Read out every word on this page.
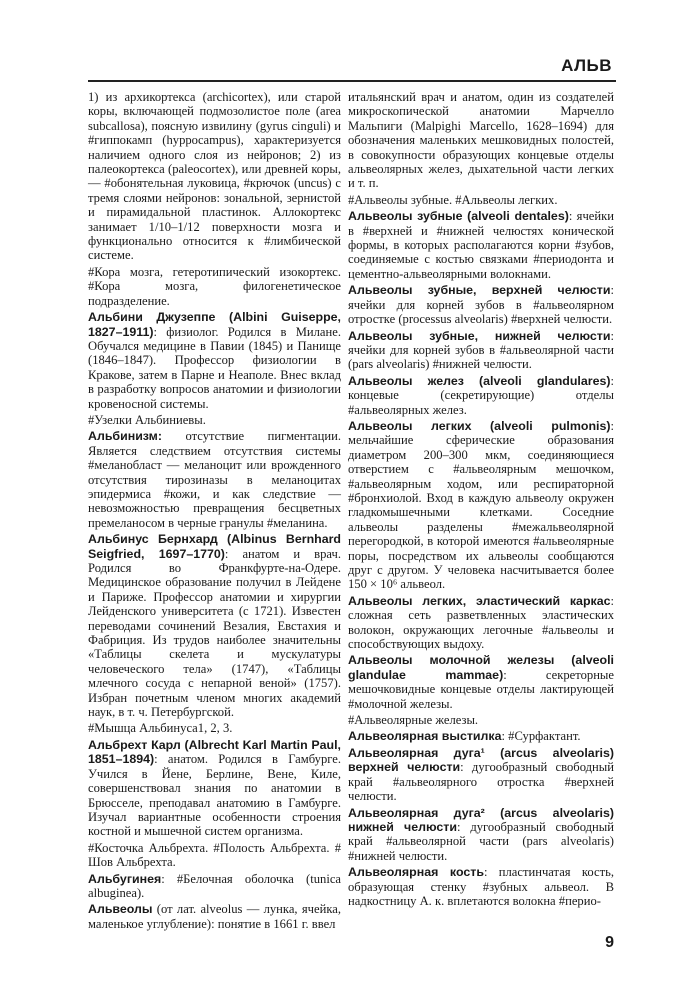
АЛЬВ

1) из архикортекса (archicortex), или старой коры, включающей подмозолистое поле (area subcallosa), поясную извилину (gyrus cinguli) и #гиппокамп (hyppocampus), характеризуется наличием одного слоя из нейронов; 2) из палеокортекса (paleocortex), или древней коры, — #обонятельная луковица, #крючок (uncus) с тремя слоями нейронов: зональной, зернистой и пирамидальной пластинок. Аллокортекс занимает 1/10–1/12 поверхности мозга и функционально относится к #лимбической системе.

#Кора мозга, гетеротипический изокортекс. #Кора мозга, филогенетическое подразделение.

Альбини Джузеппе (Albini Guiseppe, 1827–1911): физиолог. Родился в Милане. Обучался медицине в Павии (1845) и Панище (1846–1847). Профессор физиологии в Кракове, затем в Парне и Неаполе. Внес вклад в разработку вопросов анатомии и физиологии кровеносной системы.

#Узелки Альбиниевы.

Альбинизм: отсутствие пигментации. Является следствием отсутствия системы #меланобласт — меланоцит или врожденного отсутствия тирозиназы в меланоцитах эпидермиса #кожи, и как следствие — невозможностью превращения бесцветных премеланосом в черные гранулы #меланина.

Альбинус Бернхард (Albinus Bernhard Seigfried, 1697–1770): анатом и врач. Родился во Франкфурте-на-Одере. Медицинское образование получил в Лейдене и Париже. Профессор анатомии и хирургии Лейденского университета (с 1721). Известен переводами сочинений Везалия, Евстахия и Фабриция. Из трудов наиболее значительны «Таблицы скелета и мускулатуры человеческого тела» (1747), «Таблицы млечного сосуда с непарной веной» (1757). Избран почетным членом многих академий наук, в т. ч. Петербургской.

#Мышца Альбинуса1, 2, 3.

Альбрехт Карл (Albrecht Karl Martin Paul, 1851–1894): анатом. Родился в Гамбурге. Учился в Йене, Берлине, Вене, Киле, совершенствовал знания по анатомии в Брюсселе, преподавал анатомию в Гамбурге. Изучал вариантные особенности строения костной и мышечной систем организма.

#Косточка Альбрехта. #Полость Альбрехта. # Шов Альбрехта.

Альбугинея: #Белочная оболочка (tunica albuginea).

Альвеолы (от лат. alveolus — лунка, ячейка, маленькое углубление): понятие в 1661 г. ввел

итальянский врач и анатом, один из создателей микроскопической анатомии Марчелло Мальпиги (Malpighi Marcello, 1628–1694) для обозначения маленьких мешковидных полостей, в совокупности образующих концевые отделы альвеолярных желез, дыхательной части легких и т. п.

#Альвеолы зубные. #Альвеолы легких.

Альвеолы зубные (alveoli dentales): ячейки в #верхней и #нижней челюстях конической формы, в которых располагаются корни #зубов, соединяемые с костью связками #периодонта и цементно-альвеолярными волокнами.

Альвеолы зубные, верхней челюсти: ячейки для корней зубов в #альвеолярном отростке (processus alveolaris) #верхней челюсти.

Альвеолы зубные, нижней челюсти: ячейки для корней зубов в #альвеолярной части (pars alveolaris) #нижней челюсти.

Альвеолы желез (alveoli glandulares): концевые (секретирующие) отделы #альвеолярных желез.

Альвеолы легких (alveoli pulmonis): мельчайшие сферические образования диаметром 200–300 мкм, соединяющиеся отверстием с #альвеолярным мешочком, #альвеолярным ходом, или респираторной #бронхиолой. Вход в каждую альвеолу окружен гладкомышечными клетками. Соседние альвеолы разделены #межальвеолярной перегородкой, в которой имеются #альвеолярные поры, посредством их альвеолы сообщаются друг с другом. У человека насчитывается более 150 × 10⁶ альвеол.

Альвеолы легких, эластический каркас: сложная сеть разветвленных эластических волокон, окружающих легочные #альвеолы и способствующих выдоху.

Альвеолы молочной железы (alveoli glandulae mammae): секреторные мешочковидные концевые отделы лактирующей #молочной железы.

#Альвеолярные железы.

Альвеолярная выстилка: #Сурфактант.

Альвеолярная дуга¹ (arcus alveolaris) верхней челюсти: дугообразный свободный край #альвеолярного отростка #верхней челюсти.

Альвеолярная дуга² (arcus alveolaris) нижней челюсти: дугообразный свободный край #альвеолярной части (pars alveolaris) #нижней челюсти.

Альвеолярная кость: пластинчатая кость, образующая стенку #зубных альвеол. В надкостницу А. к. вплетаются волокна #перио-

9
